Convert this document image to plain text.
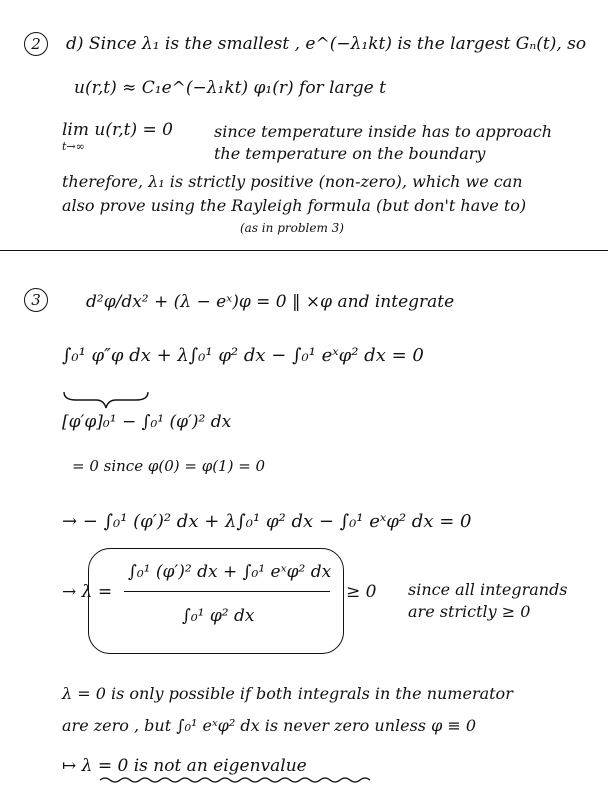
2	d) Since λ₁ is the smallest , e^(−λ₁kt) is the largest Gₙ(t), so
u(r,t) ≈ C₁e^(−λ₁kt) φ₁(r) for large t
lim u(r,t) = 0
t→∞
since temperature inside has to approach
the temperature on the boundary
therefore, λ₁ is strictly positive (non-zero), which we can
also prove using the Rayleigh formula (but don't have to)
(as in problem 3)
3	d²φ/dx² + (λ − eˣ)φ = 0 ‖ ×φ and integrate
∫₀¹ φ″φ dx + λ∫₀¹ φ² dx − ∫₀¹ eˣφ² dx = 0
[φ′φ]₀¹ − ∫₀¹ (φ′)² dx
= 0 since φ(0) = φ(1) = 0
→ − ∫₀¹ (φ′)² dx + λ∫₀¹ φ² dx − ∫₀¹ eˣφ² dx = 0
→ λ =
∫₀¹ (φ′)² dx + ∫₀¹ eˣφ² dx
∫₀¹ φ² dx
≥ 0 since all integrands
are strictly ≥ 0
λ = 0 is only possible if both integrals in the numerator
are zero , but ∫₀¹ eˣφ² dx is never zero unless φ ≡ 0
↦ λ = 0 is not an eigenvalue
